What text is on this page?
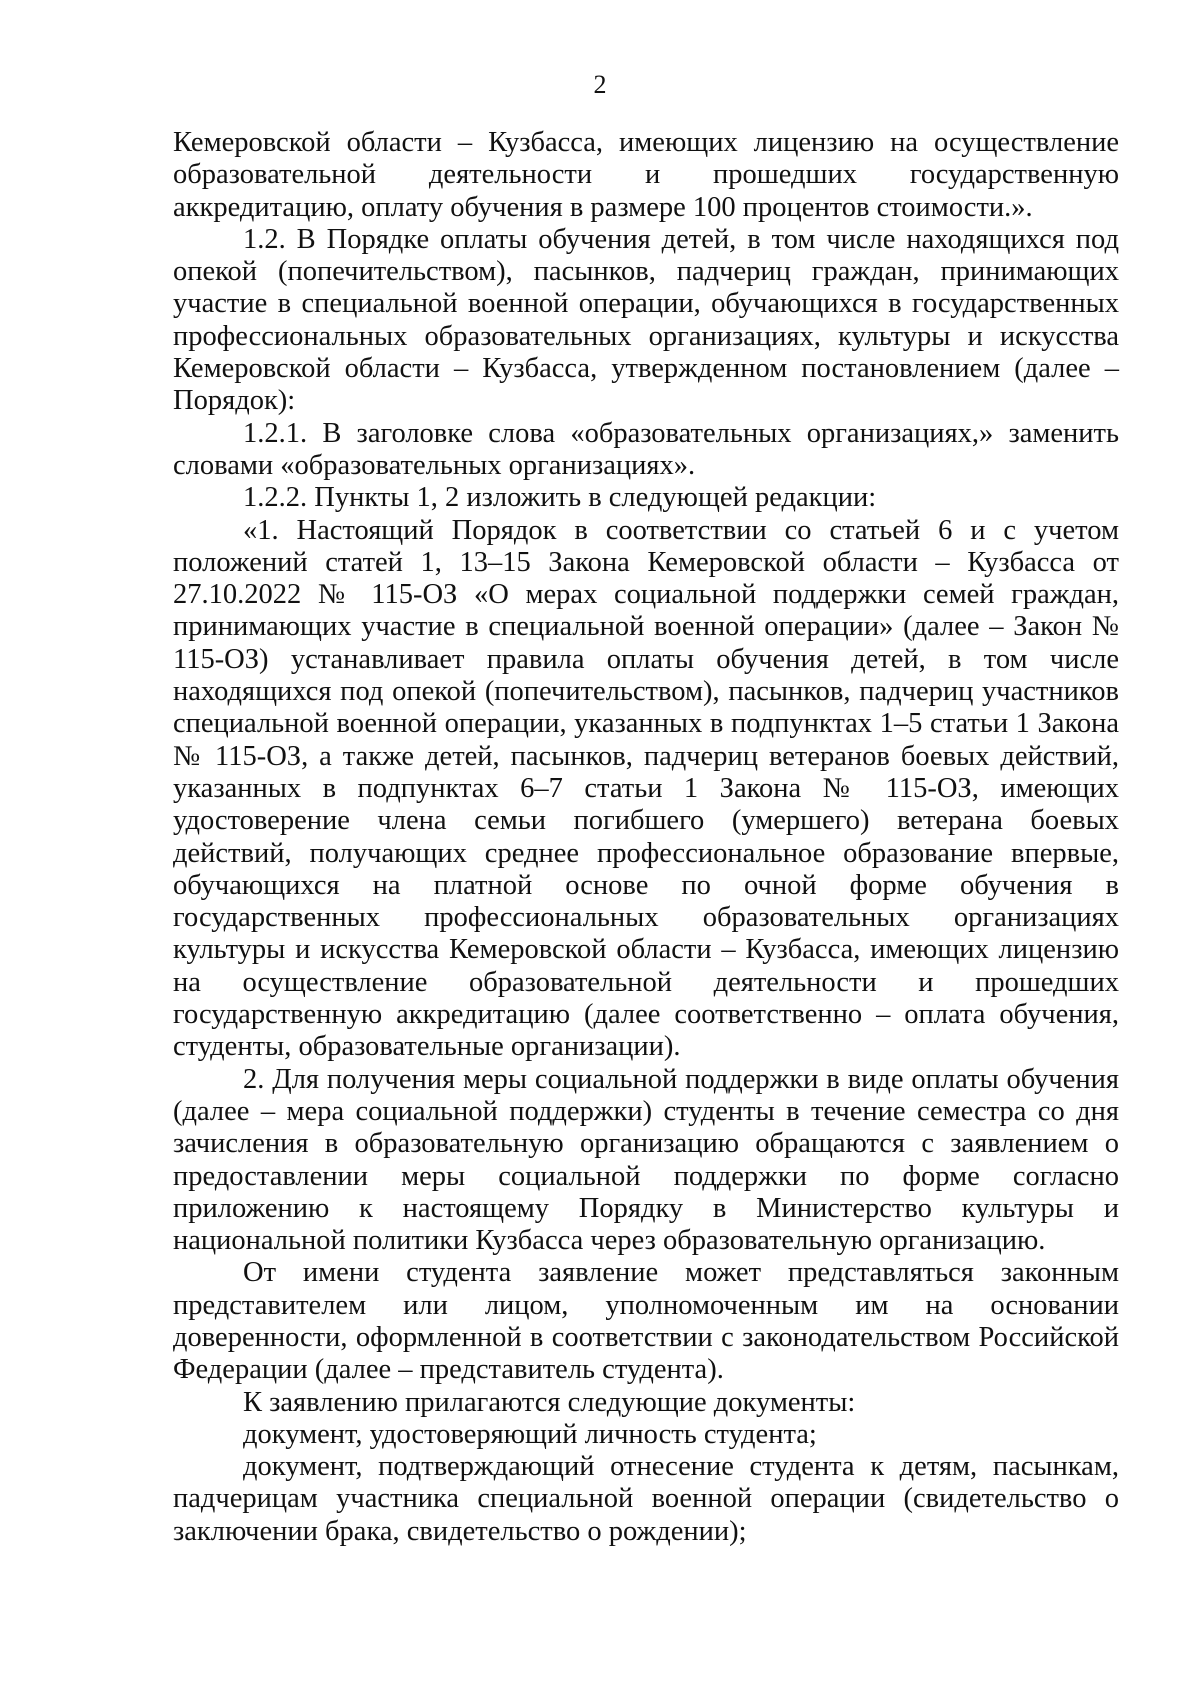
2

Кемеровской области – Кузбасса, имеющих лицензию на осуществление образовательной деятельности и прошедших государственную аккредитацию, оплату обучения в размере 100 процентов стоимости.».

1.2. В Порядке оплаты обучения детей, в том числе находящихся под опекой (попечительством), пасынков, падчериц граждан, принимающих участие в специальной военной операции, обучающихся в государственных профессиональных образовательных организациях, культуры и искусства Кемеровской области – Кузбасса, утвержденном постановлением (далее – Порядок):

1.2.1. В заголовке слова «образовательных организациях,» заменить словами «образовательных организациях».

1.2.2. Пункты 1, 2 изложить в следующей редакции:

«1. Настоящий Порядок в соответствии со статьей 6 и с учетом положений статей 1, 13–15 Закона Кемеровской области – Кузбасса от 27.10.2022 № 115-ОЗ «О мерах социальной поддержки семей граждан, принимающих участие в специальной военной операции» (далее – Закон № 115-ОЗ) устанавливает правила оплаты обучения детей, в том числе находящихся под опекой (попечительством), пасынков, падчериц участников специальной военной операции, указанных в подпунктах 1–5 статьи 1 Закона № 115-ОЗ, а также детей, пасынков, падчериц ветеранов боевых действий, указанных в подпунктах 6–7 статьи 1 Закона № 115-ОЗ, имеющих удостоверение члена семьи погибшего (умершего) ветерана боевых действий, получающих среднее профессиональное образование впервые, обучающихся на платной основе по очной форме обучения в государственных профессиональных образовательных организациях культуры и искусства Кемеровской области – Кузбасса, имеющих лицензию на осуществление образовательной деятельности и прошедших государственную аккредитацию (далее соответственно – оплата обучения, студенты, образовательные организации).

2. Для получения меры социальной поддержки в виде оплаты обучения (далее – мера социальной поддержки) студенты в течение семестра со дня зачисления в образовательную организацию обращаются с заявлением о предоставлении меры социальной поддержки по форме согласно приложению к настоящему Порядку в Министерство культуры и национальной политики Кузбасса через образовательную организацию.

От имени студента заявление может представляться законным представителем или лицом, уполномоченным им на основании доверенности, оформленной в соответствии с законодательством Российской Федерации (далее – представитель студента).

К заявлению прилагаются следующие документы:

документ, удостоверяющий личность студента;

документ, подтверждающий отнесение студента к детям, пасынкам, падчерицам участника специальной военной операции (свидетельство о заключении брака, свидетельство о рождении);
